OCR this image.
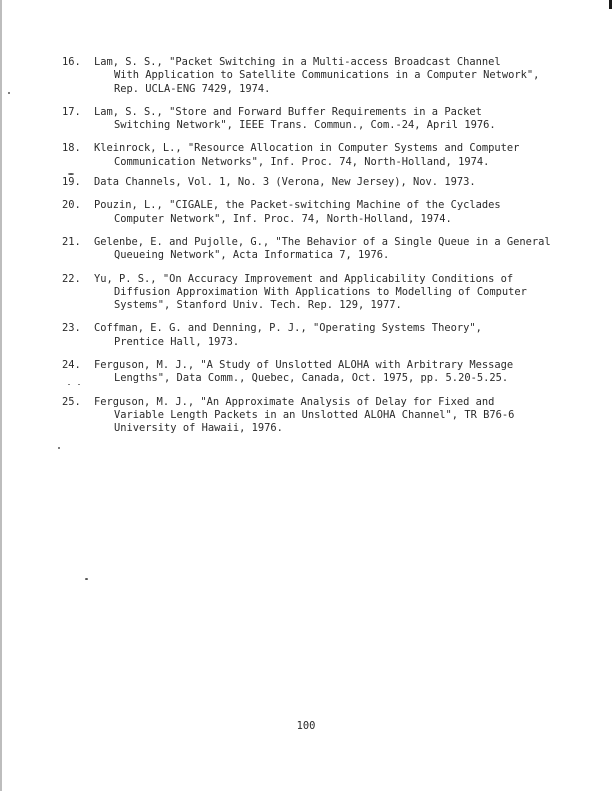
16.	Lam, S. S., "Packet Switching in a Multi-access Broadcast Channel
With Application to Satellite Communications in a Computer Network",
Rep. UCLA-ENG 7429, 1974.
17.	Lam, S. S., "Store and Forward Buffer Requirements in a Packet
Switching Network", IEEE Trans. Commun., Com.-24, April 1976.
18.	Kleinrock, L., "Resource Allocation in Computer Systems and Computer
Communication Networks", Inf. Proc. 74, North-Holland, 1974.
19.	Data Channels, Vol. 1, No. 3 (Verona, New Jersey), Nov. 1973.
20.	Pouzin, L., "CIGALE, the Packet-switching Machine of the Cyclades
Computer Network", Inf. Proc. 74, North-Holland, 1974.
21.	Gelenbe, E. and Pujolle, G., "The Behavior of a Single Queue in a General
Queueing Network", Acta Informatica 7, 1976.
22.	Yu, P. S., "On Accuracy Improvement and Applicability Conditions of
Diffusion Approximation With Applications to Modelling of Computer
Systems", Stanford Univ. Tech. Rep. 129, 1977.
23.	Coffman, E. G. and Denning, P. J., "Operating Systems Theory",
Prentice Hall, 1973.
24.	Ferguson, M. J., "A Study of Unslotted ALOHA with Arbitrary Message
Lengths", Data Comm., Quebec, Canada, Oct. 1975, pp. 5.20-5.25.
25.	Ferguson, M. J., "An Approximate Analysis of Delay for Fixed and
Variable Length Packets in an Unslotted ALOHA Channel", TR B76-6
University of Hawaii, 1976.
100
